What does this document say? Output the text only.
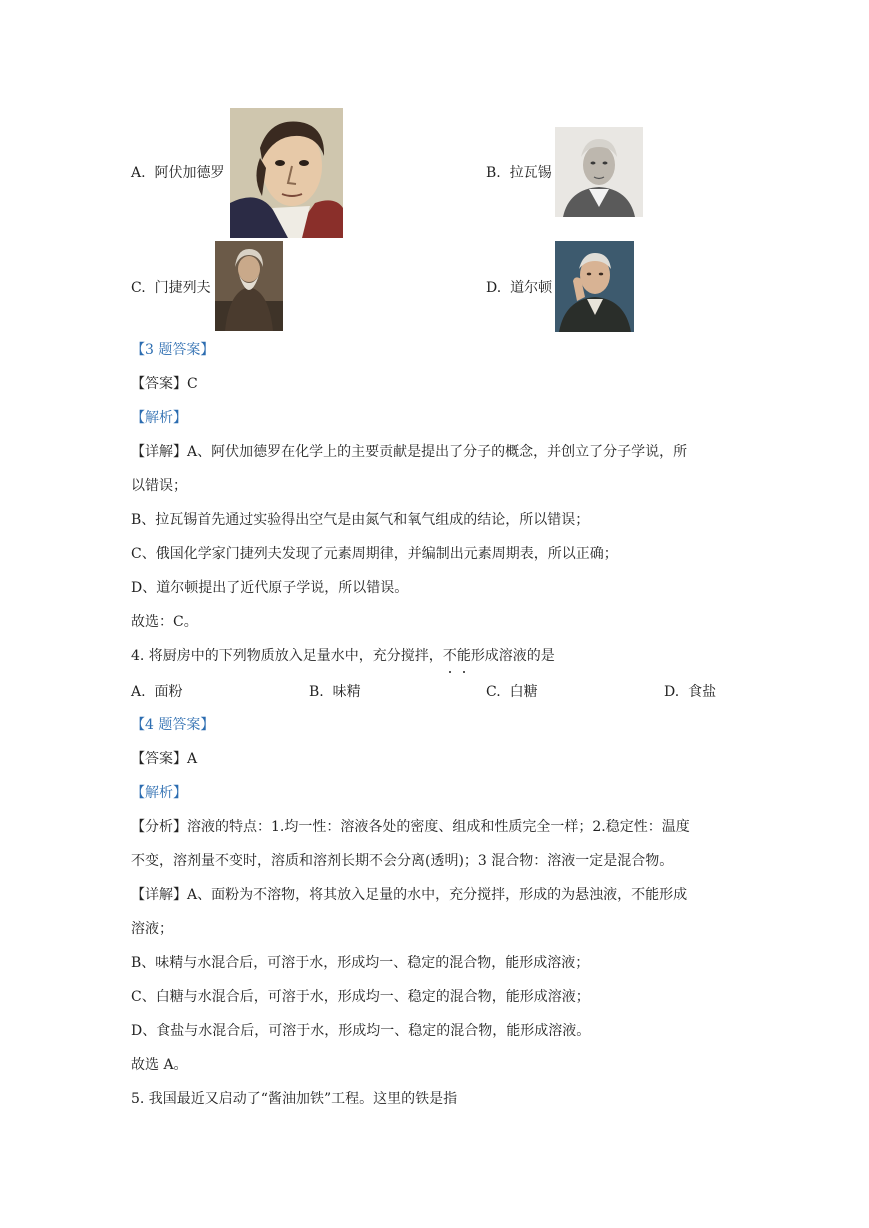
A. 阿伏加德罗	B. 拉瓦锡
C. 门捷列夫	D. 道尔顿
【3 题答案】
【答案】C
【解析】
【详解】A、阿伏加德罗在化学上的主要贡献是提出了分子的概念，并创立了分子学说，所
以错误；
B、拉瓦锡首先通过实验得出空气是由氮气和氧气组成的结论，所以错误；
C、俄国化学家门捷列夫发现了元素周期律，并编制出元素周期表，所以正确；
D、道尔顿提出了近代原子学说，所以错误。
故选：C。
4. 将厨房中的下列物质放入足量水中，充分搅拌，不能形成溶液的是
A. 面粉	B. 味精	C. 白糖	D. 食盐
【4 题答案】
【答案】A
【解析】
【分析】溶液的特点：1.均一性：溶液各处的密度、组成和性质完全一样；2.稳定性：温度
不变，溶剂量不变时，溶质和溶剂长期不会分离(透明)；3 混合物：溶液一定是混合物。
【详解】A、面粉为不溶物，将其放入足量的水中，充分搅拌，形成的为悬浊液，不能形成
溶液；
B、味精与水混合后，可溶于水，形成均一、稳定的混合物，能形成溶液；
C、白糖与水混合后，可溶于水，形成均一、稳定的混合物，能形成溶液；
D、食盐与水混合后，可溶于水，形成均一、稳定的混合物，能形成溶液。
故选 A。
5. 我国最近又启动了“酱油加铁”工程。这里的铁是指
